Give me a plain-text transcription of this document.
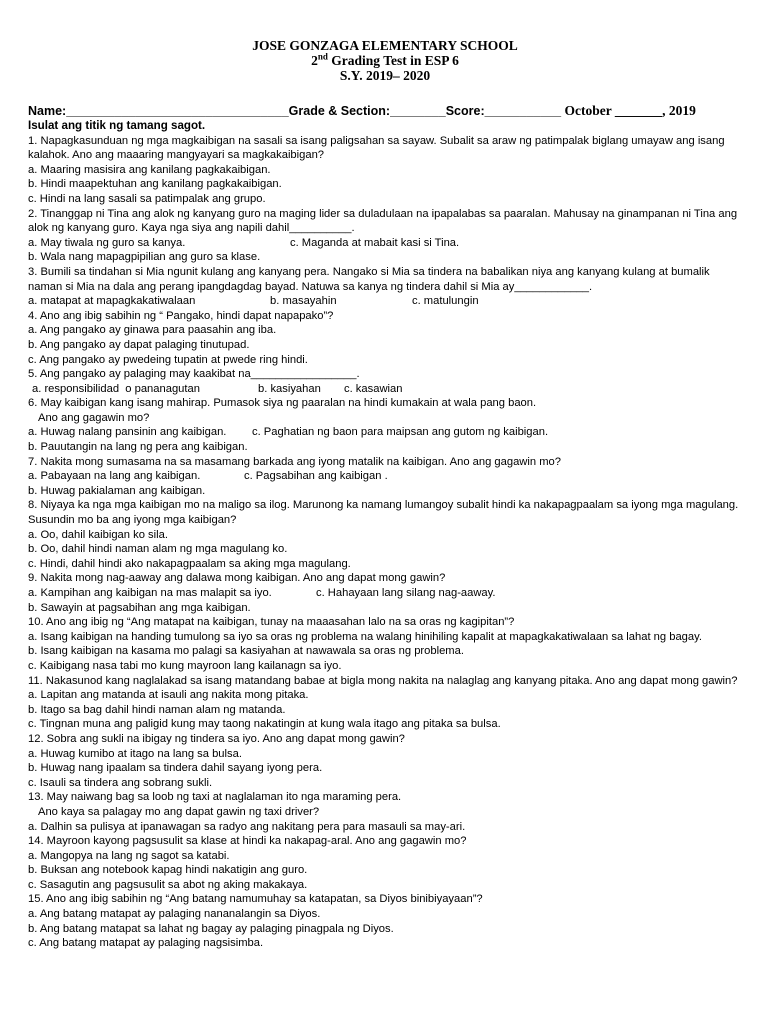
JOSE GONZAGA ELEMENTARY SCHOOL
2nd Grading Test in ESP 6
S.Y. 2019– 2020
Name:________________________________Grade & Section:________Score:___________ October _______, 2019
Isulat ang titik ng tamang sagot.
1. Napagkasunduan ng mga magkaibigan na sasali sa isang paligsahan sa sayaw. Subalit sa araw ng patimpalak biglang umayaw ang isang kalahok. Ano ang maaaring mangyayari sa magkakaibigan?
a. Maaring masisira ang kanilang pagkakaibigan.
b. Hindi maapektuhan ang kanilang pagkakaibigan.
c. Hindi na lang sasali sa patimpalak ang grupo.
2. Tinanggap ni Tina ang alok ng kanyang guro na maging lider sa duladulaan na ipapalabas sa paaralan. Mahusay na ginampanan ni Tina ang alok ng kanyang guro. Kaya nga siya ang napili dahil__________.
a. May tiwala ng guro sa kanya.	c. Maganda at mabait kasi si Tina.
b. Wala nang mapagpipilian ang guro sa klase.
3. Bumili sa tindahan si Mia ngunit kulang ang kanyang pera. Nangako si Mia sa tindera na babalikan niya ang kanyang kulang at bumalik naman si Mia na dala ang perang ipangdagdag bayad. Natuwa sa kanya ng tindera dahil si Mia ay____________.
a. matapat at mapagkakatiwalaan	b. masayahin	c. matulungin
4. Ano ang ibig sabihin ng “ Pangako, hindi dapat napapako”?
a. Ang pangako ay ginawa para paasahin ang iba.
b. Ang pangako ay dapat palaging tinutupad.
c. Ang pangako ay pwedeing tupatin at pwede ring hindi.
5. Ang pangako ay palaging may kaakibat na_________________.
a. responsibilidad  o pananagutan	b. kasiyahan	c. kasawian
6. May kaibigan kang isang mahirap. Pumasok siya ng paaralan na hindi kumakain at wala pang baon.
Ano ang gagawin mo?
a. Huwag nalang pansinin ang kaibigan.	c. Paghatian ng baon para maipsan ang gutom ng kaibigan.
b. Pauutangin na lang ng pera ang kaibigan.
7. Nakita mong sumasama na sa masamang barkada ang iyong matalik na kaibigan. Ano ang gagawin mo?
a. Pabayaan na lang ang kaibigan.	c. Pagsabihan ang kaibigan .
b. Huwag pakialaman ang kaibigan.
8. Niyaya ka nga mga kaibigan mo na maligo sa ilog. Marunong ka namang lumangoy subalit hindi ka nakapagpaalam sa iyong mga magulang. Susundin mo ba ang iyong mga kaibigan?
a. Oo, dahil kaibigan ko sila.
b. Oo, dahil hindi naman alam ng mga magulang ko.
c. Hindi, dahil hindi ako nakapagpaalam sa aking mga magulang.
9. Nakita mong nag-aaway ang dalawa mong kaibigan. Ano ang dapat mong gawin?
a. Kampihan ang kaibigan na mas malapit sa iyo.	c. Hahayaan lang silang nag-aaway.
b. Sawayin at pagsabihan ang mga kaibigan.
10. Ano ang ibig ng “Ang matapat na kaibigan, tunay na maaasahan lalo na sa oras ng kagipitan”?
a. Isang kaibigan na handing tumulong sa iyo sa oras ng problema na walang hinihiling kapalit at mapagkakatiwalaan sa lahat ng bagay.
b. Isang kaibigan na kasama mo palagi sa kasiyahan at nawawala sa oras ng problema.
c. Kaibigang nasa tabi mo kung mayroon lang kailanagn sa iyo.
11. Nakasunod kang naglalakad sa isang matandang babae at bigla mong nakita na nalaglag ang kanyang pitaka. Ano ang dapat mong gawin?
a. Lapitan ang matanda at isauli ang nakita mong pitaka.
b. Itago sa bag dahil hindi naman alam ng matanda.
c. Tingnan muna ang paligid kung may taong nakatingin at kung wala itago ang pitaka sa bulsa.
12. Sobra ang sukli na ibigay ng tindera sa iyo. Ano ang dapat mong gawin?
a. Huwag kumibo at itago na lang sa bulsa.
b. Huwag nang ipaalam sa tindera dahil sayang iyong pera.
c. Isauli sa tindera ang sobrang sukli.
13. May naiwang bag sa loob ng taxi at naglalaman ito nga maraming pera.
Ano kaya sa palagay mo ang dapat gawin ng taxi driver?
a. Dalhin sa pulisya at ipanawagan sa radyo ang nakitang pera para masauli sa may-ari.
14. Mayroon kayong pagsusulit sa klase at hindi ka nakapag-aral. Ano ang gagawin mo?
a. Mangopya na lang ng sagot sa katabi.
b. Buksan ang notebook kapag hindi nakatigin ang guro.
c. Sasagutin ang pagsusulit sa abot ng aking makakaya.
15. Ano ang ibig sabihin ng “Ang batang namumuhay sa katapatan, sa Diyos binibiyayaan”?
a. Ang batang matapat ay palaging nananalangin sa Diyos.
b. Ang batang matapat sa lahat ng bagay ay palaging pinagpala ng Diyos.
c. Ang batang matapat ay palaging nagsisimba.
